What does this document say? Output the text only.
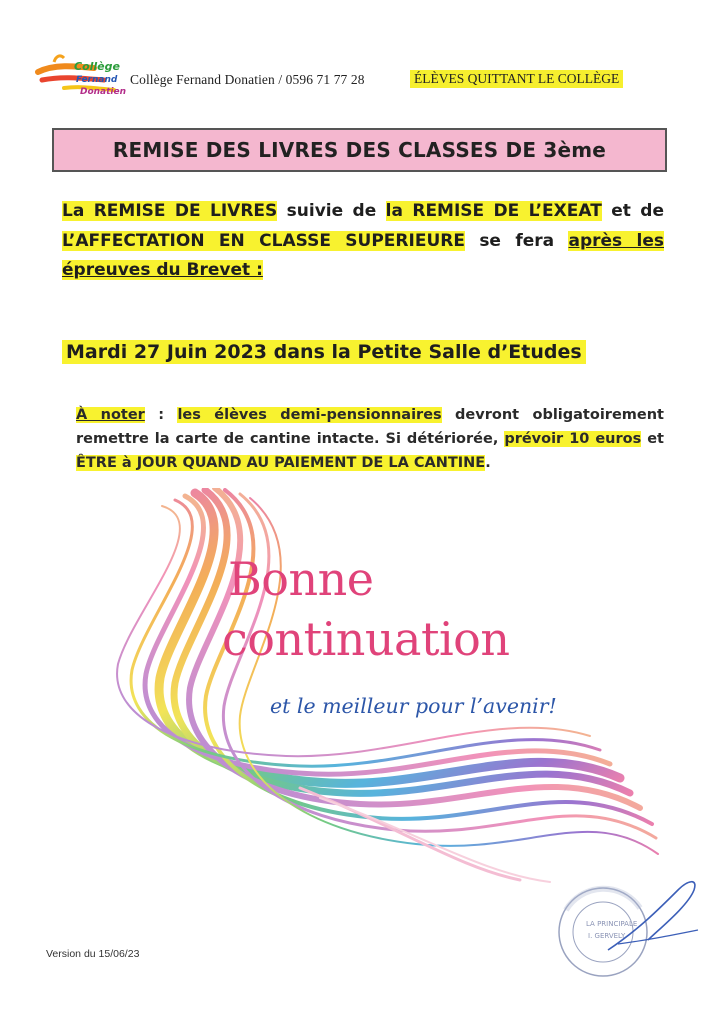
Collège
Fernand
Donatien
Collège Fernand Donatien / 0596 71 77 28	ÉLÈVES QUITTANT LE COLLÈGE
REMISE DES LIVRES DES CLASSES DE 3ème

La REMISE DE LIVRES suivie de la REMISE DE L’EXEAT et de L’AFFECTATION EN CLASSE SUPERIEURE se fera après les épreuves du Brevet :

Mardi 27 Juin 2023 dans la Petite Salle d’Etudes

À noter : les élèves demi-pensionnaires devront obligatoirement remettre la carte de cantine intacte. Si détériorée, prévoir 10 euros et ÊTRE à JOUR QUAND AU PAIEMENT DE LA CANTINE.

Bonne
continuation
et le meilleur pour l’avenir!
Version du 15/06/23
LA PRINCIPALE
I. GERVELY
